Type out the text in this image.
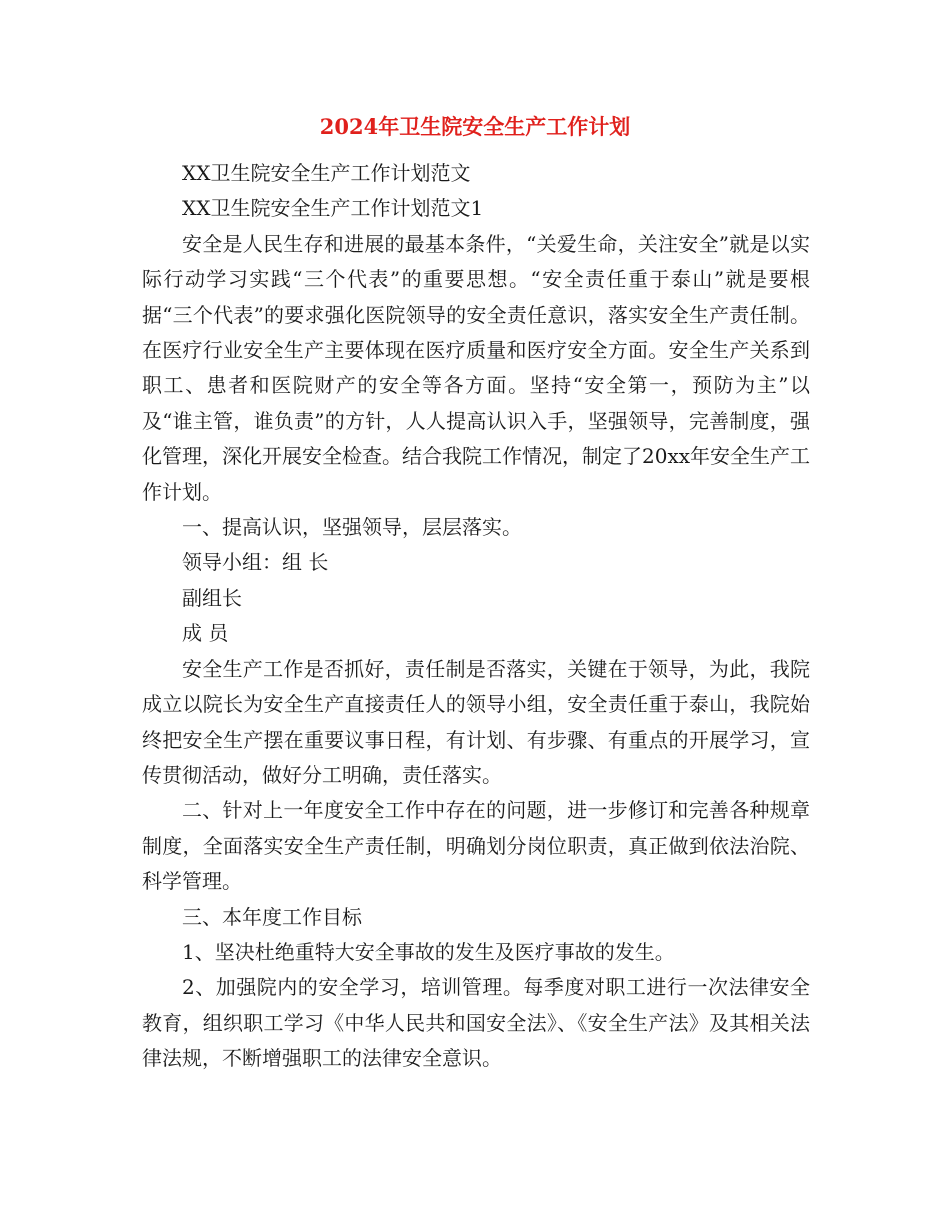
2024年卫生院安全生产工作计划

XX卫生院安全生产工作计划范文

XX卫生院安全生产工作计划范文1

安全是人民生存和进展的最基本条件，“关爱生命，关注安全”就是以实际行动学习实践“三个代表”的重要思想。“安全责任重于泰山”就是要根据“三个代表”的要求强化医院领导的安全责任意识，落实安全生产责任制。在医疗行业安全生产主要体现在医疗质量和医疗安全方面。安全生产关系到职工、患者和医院财产的安全等各方面。坚持“安全第一，预防为主”以及“谁主管，谁负责”的方针，人人提高认识入手，坚强领导，完善制度，强化管理，深化开展安全检查。结合我院工作情况，制定了20xx年安全生产工作计划。

一、提高认识，坚强领导，层层落实。

领导小组：组 长

副组长

成 员

安全生产工作是否抓好，责任制是否落实，关键在于领导，为此，我院成立以院长为安全生产直接责任人的领导小组，安全责任重于泰山，我院始终把安全生产摆在重要议事日程，有计划、有步骤、有重点的开展学习，宣传贯彻活动，做好分工明确，责任落实。

二、针对上一年度安全工作中存在的问题，进一步修订和完善各种规章制度，全面落实安全生产责任制，明确划分岗位职责，真正做到依法治院、科学管理。

三、本年度工作目标

1、坚决杜绝重特大安全事故的发生及医疗事故的发生。

2、加强院内的安全学习，培训管理。每季度对职工进行一次法律安全教育，组织职工学习《中华人民共和国安全法》、《安全生产法》及其相关法律法规，不断增强职工的法律安全意识。
